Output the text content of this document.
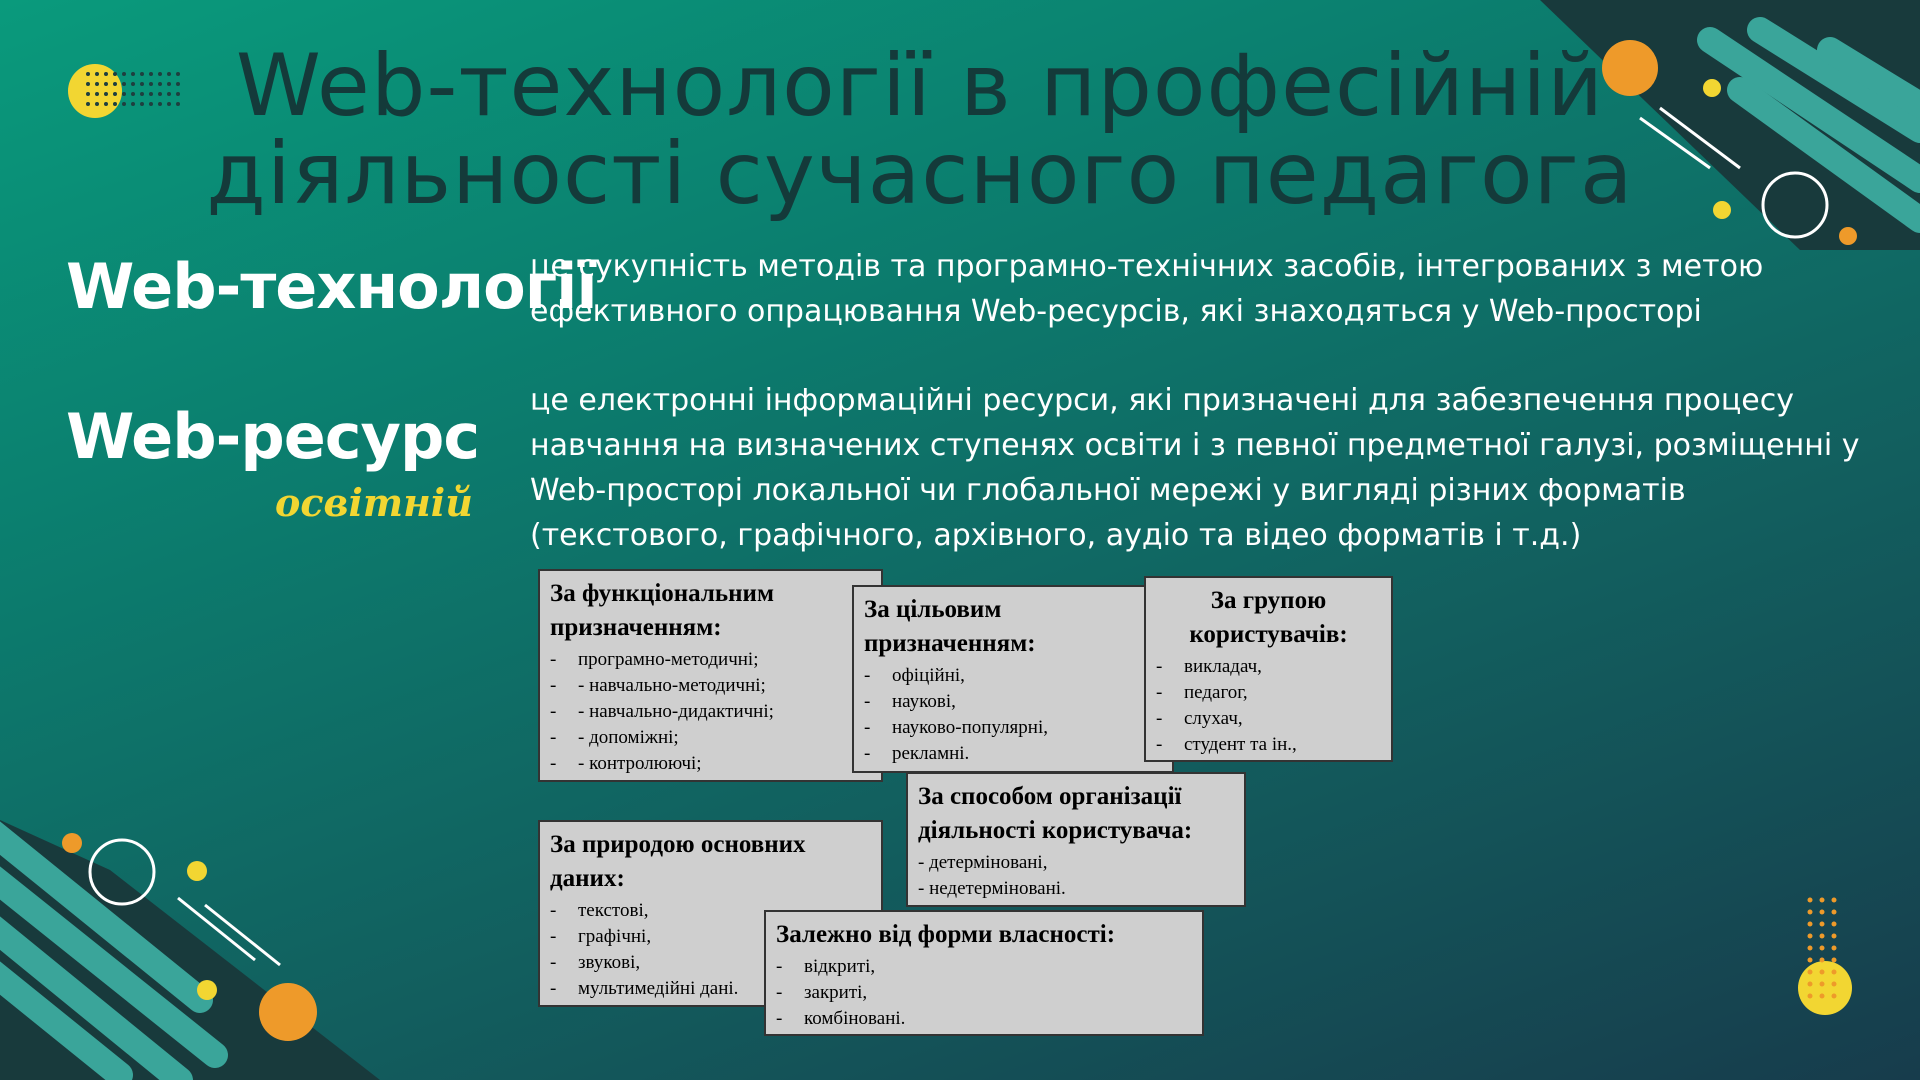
Web-технології в професійній
діяльності сучасного педагога
Web-технології
це сукупність методів та програмно-технічних засобів, інтегрованих з метою
ефективного опрацювання Web-ресурсів, які знаходяться у Web-просторі
Web-ресурс
освітній
це електронні інформаційні ресурси, які призначені для забезпечення процесу
навчання на визначених ступенях освіти і з певної предметної галузі, розміщенні у
Web-просторі локальної чи глобальної мережі у вигляді різних форматів
(текстового, графічного, архівного, аудіо та відео форматів і т.д.)
За функціональним
призначенням:
- програмно-методичні;
- - навчально-методичні;
- - навчально-дидактичні;
- - допоміжні;
- - контролюючі;
За цільовим
призначенням:
- офіційні,
- наукові,
- науково-популярні,
- рекламні.
За групою
користувачів:
- викладач,
- педагог,
- слухач,
- студент та ін.,
За природою основних
даних:
- текстові,
- графічні,
- звукові,
- мультимедійні дані.
За способом організації
діяльності користувача:
- детерміновані,
- недетерміновані.
Залежно від форми власності:
- відкриті,
- закриті,
- комбіновані.
